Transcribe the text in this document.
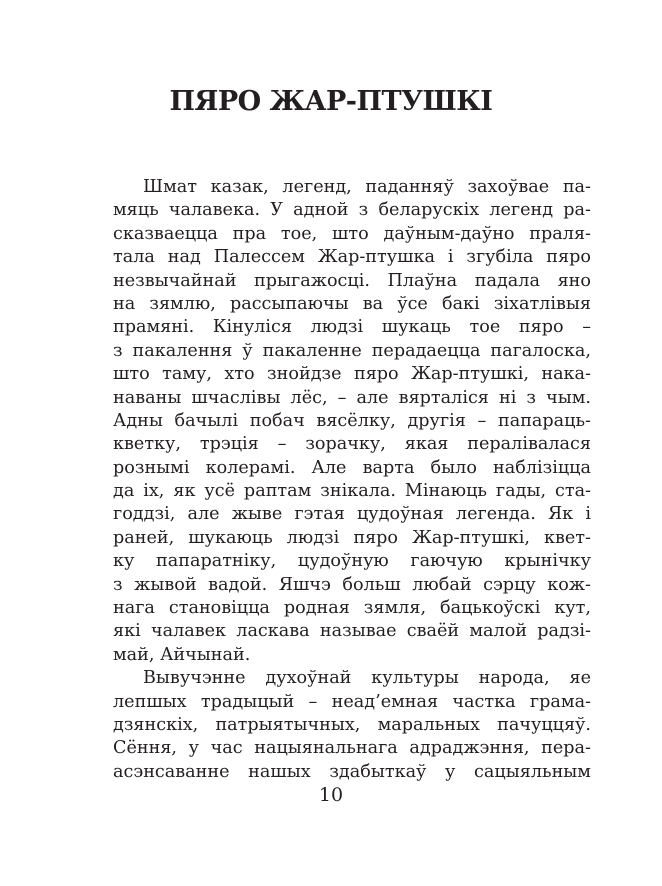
ПЯРО ЖАР-ПТУШКІ
Шмат казак, легенд, паданняў захоўвае па-
мяць чалавека. У адной з беларускіх легенд ра-
сказваецца пра тое, што даўным-даўно праля-
тала над Палессем Жар-птушка і згубіла пяро
незвычайнай прыгажосці. Плаўна падала яно
на зямлю, рассыпаючы ва ўсе бакі зіхатлівыя
прамяні. Кінуліся людзі шукаць тое пяро –
з пакалення ў пакаленне перадаецца пагалоска,
што таму, хто знойдзе пяро Жар-птушкі, нака-
наваны шчаслівы лёс, – але вярталіся ні з чым.
Адны бачылі побач вясёлку, другія – папараць-
кветку, трэція – зорачку, якая пералівалася
рознымі колерамі. Але варта было наблізіцца
да іх, як усё раптам знікала. Мінаюць гады, ста-
годдзі, але жыве гэтая цудоўная легенда. Як і
раней, шукаюць людзі пяро Жар-птушкі, квет-
ку папаратніку, цудоўную гаючую крынічку
з жывой вадой. Яшчэ больш любай сэрцу кож-
нага становіцца родная зямля, бацькоўскі кут,
які чалавек ласкава называе сваёй малой радзі-
май, Айчынай.
Вывучэнне духоўнай культуры народа, яе
лепшых традыцый – неад’емная частка грама-
дзянскіх, патрыятычных, маральных пачуццяў.
Сёння, у час нацыянальнага адраджэння, пера-
асэнсаванне нашых здабыткаў у сацыяльным
10
